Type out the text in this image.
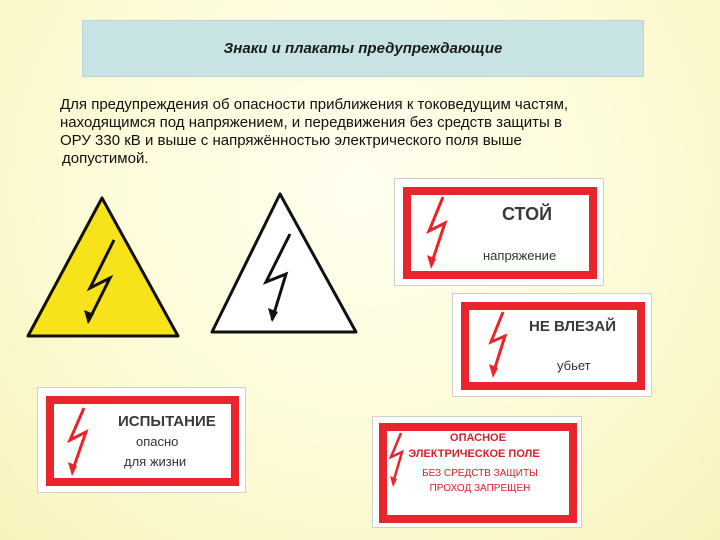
Знаки и плакаты предупреждающие
Для предупреждения об опасности приближения к токоведущим частям,
находящимся под напряжением, и передвижения без средств защиты в
ОРУ 330 кВ и выше с напряжённостью электрического поля выше
допустимой.
СТОЙ
напряжение
НЕ ВЛЕЗАЙ
убьет
ИСПЫТАНИЕ
опасно
для жизни
ОПАСНОЕ
ЭЛЕКТРИЧЕСКОЕ ПОЛЕ
БЕЗ СРЕДСТВ ЗАЩИТЫ
ПРОХОД ЗАПРЕЩЕН
